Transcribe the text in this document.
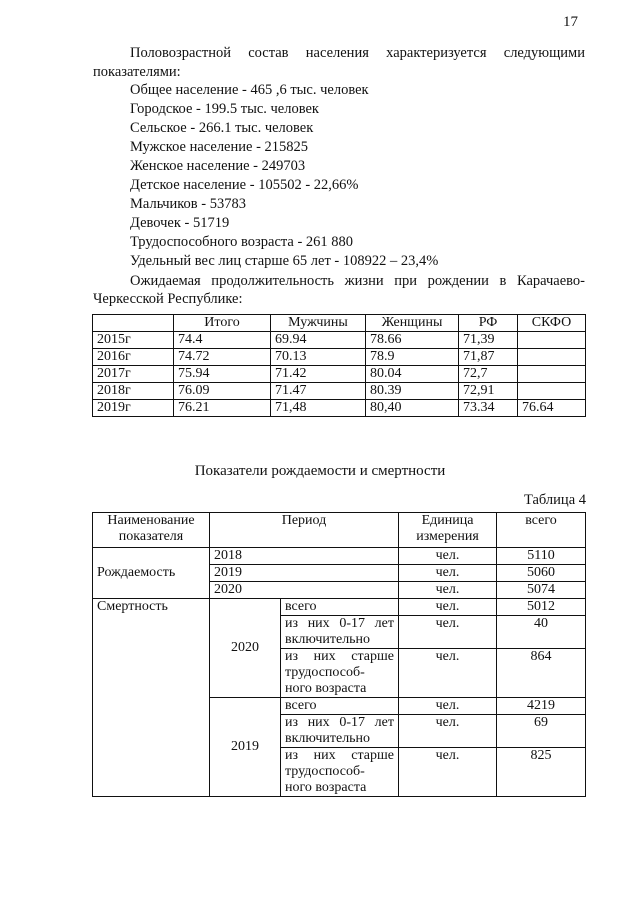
17
Половозрастной состав населения характеризуется следующими показателями:
Общее население - 465 ,6 тыс. человек
Городское - 199.5 тыс. человек
Сельское - 266.1 тыс. человек
Мужское население - 215825
Женское население - 249703
Детское население - 105502 - 22,66%
Мальчиков - 53783
Девочек - 51719
Трудоспособного возраста - 261 880
Удельный вес лиц старше 65 лет - 108922 – 23,4%
Ожидаемая продолжительность жизни при рождении в Карачаево-
Черкесской Республике:
	Итого	Мужчины	Женщины	РФ	СКФО
2015г	74.4	69.94	78.66	71,39	
2016г	74.72	70.13	78.9	71,87	
2017г	75.94	71.42	80.04	72,7	
2018г	76.09	71.47	80.39	72,91	
2019г	76.21	71,48	80,40	73.34	76.64
Показатели рождаемости и смертности
Таблица 4
Наименование показателя	Период		Единица измерения	всего
Рождаемость	2018		чел.	5110
	2019		чел.	5060
	2020		чел.	5074
Смертность	2020	всего	чел.	5012

		из них 0-17 лет
включительно	чел.	40

		из них старше
трудоспособ-
ного возраста	чел.	864
	2019	всего	чел.	4219

		из них 0-17 лет
включительно	чел.	69

		из них старше
трудоспособ-
ного возраста	чел.	825
